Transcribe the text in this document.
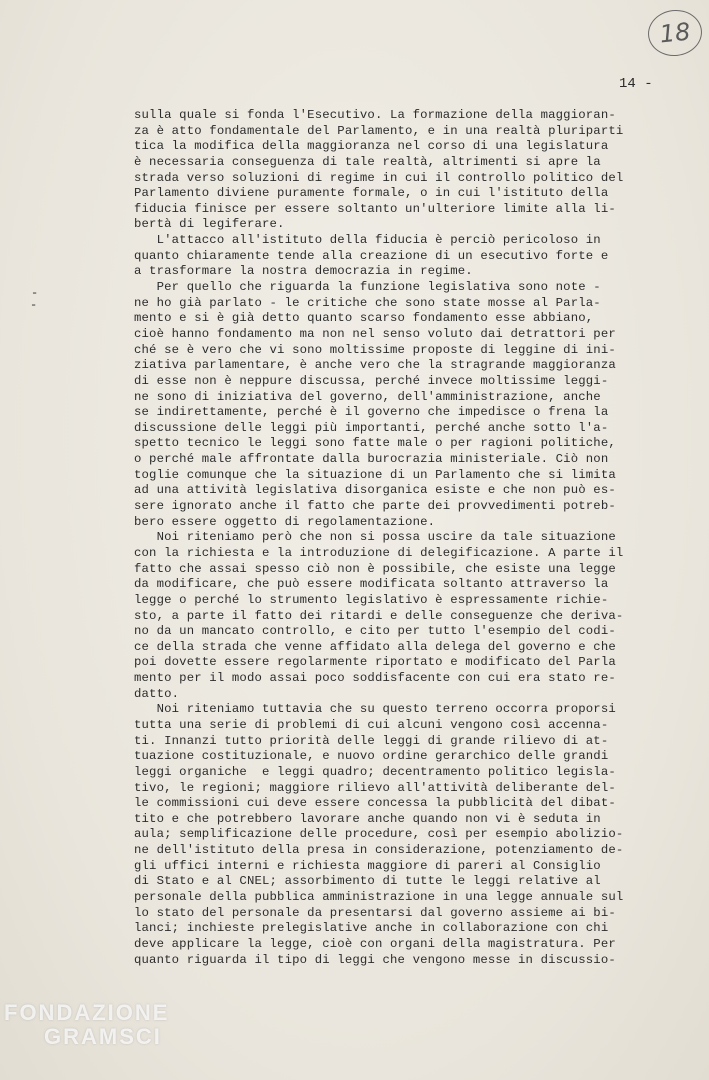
18
14 -
-
-
sulla quale si fonda l'Esecutivo. La formazione della maggioran-
za è atto fondamentale del Parlamento, e in una realtà pluriparti
tica la modifica della maggioranza nel corso di una legislatura
è necessaria conseguenza di tale realtà, altrimenti si apre la
strada verso soluzioni di regime in cui il controllo politico del
Parlamento diviene puramente formale, o in cui l'istituto della
fiducia finisce per essere soltanto un'ulteriore limite alla li-
bertà di legiferare.
L'attacco all'istituto della fiducia è perciò pericoloso in
quanto chiaramente tende alla creazione di un esecutivo forte e
a trasformare la nostra democrazia in regime.
Per quello che riguarda la funzione legislativa sono note -
ne ho già parlato - le critiche che sono state mosse al Parla-
mento e si è già detto quanto scarso fondamento esse abbiano,
cioè hanno fondamento ma non nel senso voluto dai detrattori per
ché se è vero che vi sono moltissime proposte di leggine di ini-
ziativa parlamentare, è anche vero che la stragrande maggioranza
di esse non è neppure discussa, perché invece moltissime leggi-
ne sono di iniziativa del governo, dell'amministrazione, anche
se indirettamente, perché è il governo che impedisce o frena la
discussione delle leggi più importanti, perché anche sotto l'a-
spetto tecnico le leggi sono fatte male o per ragioni politiche,
o perché male affrontate dalla burocrazia ministeriale. Ciò non
toglie comunque che la situazione di un Parlamento che si limita
ad una attività legislativa disorganica esiste e che non può es-
sere ignorato anche il fatto che parte dei provvedimenti potreb-
bero essere oggetto di regolamentazione.
Noi riteniamo però che non si possa uscire da tale situazione
con la richiesta e la introduzione di delegificazione. A parte il
fatto che assai spesso ciò non è possibile, che esiste una legge
da modificare, che può essere modificata soltanto attraverso la
legge o perché lo strumento legislativo è espressamente richie-
sto, a parte il fatto dei ritardi e delle conseguenze che deriva-
no da un mancato controllo, e cito per tutto l'esempio del codi-
ce della strada che venne affidato alla delega del governo e che
poi dovette essere regolarmente riportato e modificato del Parla
mento per il modo assai poco soddisfacente con cui era stato re-
datto.
Noi riteniamo tuttavia che su questo terreno occorra proporsi
tutta una serie di problemi di cui alcuni vengono così accenna-
ti. Innanzi tutto priorità delle leggi di grande rilievo di at-
tuazione costituzionale, e nuovo ordine gerarchico delle grandi
leggi organiche  e leggi quadro; decentramento politico legisla-
tivo, le regioni; maggiore rilievo all'attività deliberante del-
le commissioni cui deve essere concessa la pubblicità del dibat-
tito e che potrebbero lavorare anche quando non vi è seduta in
aula; semplificazione delle procedure, così per esempio abolizio-
ne dell'istituto della presa in considerazione, potenziamento de-
gli uffici interni e richiesta maggiore di pareri al Consiglio
di Stato e al CNEL; assorbimento di tutte le leggi relative al
personale della pubblica amministrazione in una legge annuale sul
lo stato del personale da presentarsi dal governo assieme ai bi-
lanci; inchieste prelegislative anche in collaborazione con chi
deve applicare la legge, cioè con organi della magistratura. Per
quanto riguarda il tipo di leggi che vengono messe in discussio-
FONDAZIONE
GRAMSCI
